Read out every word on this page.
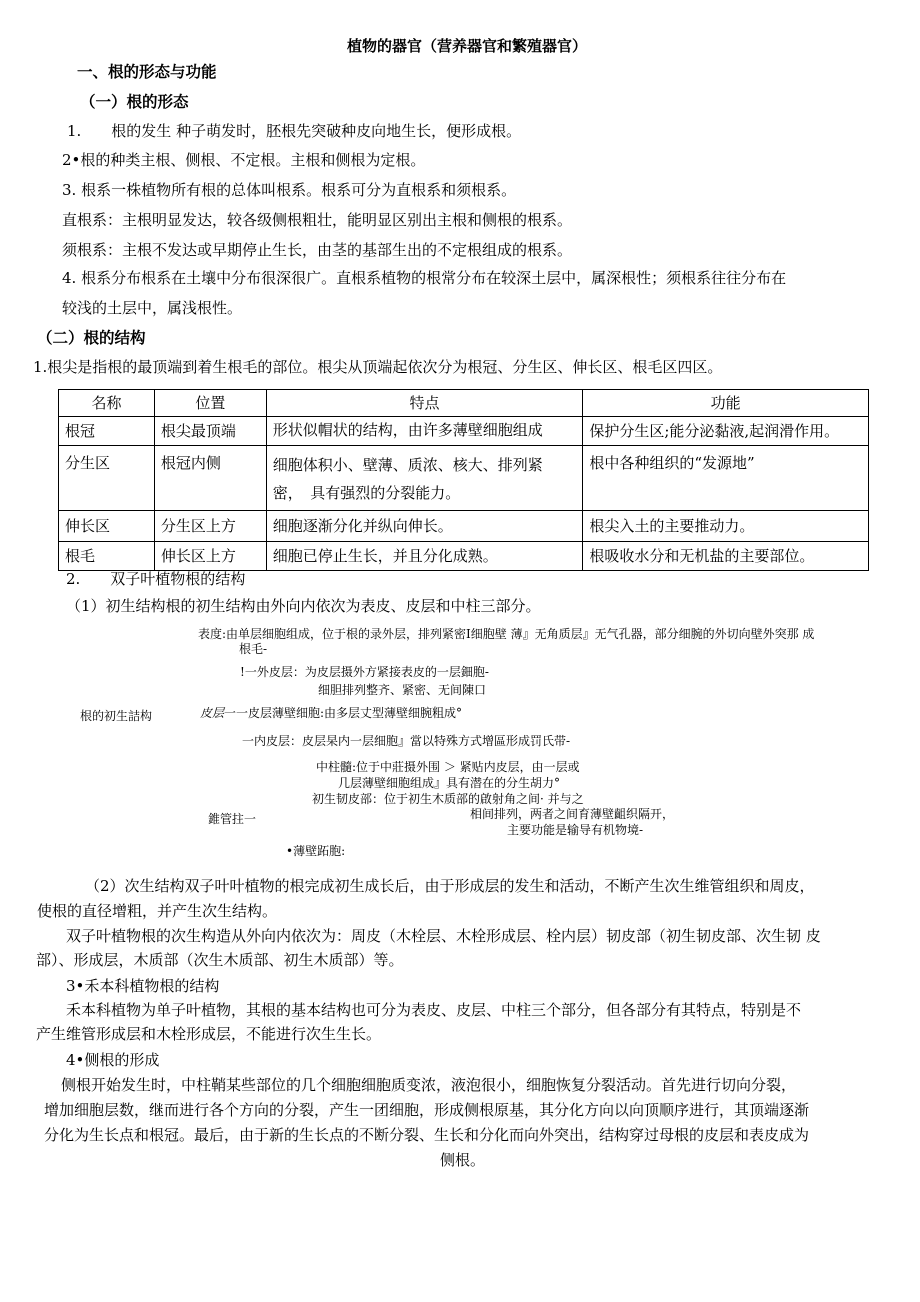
植物的器官（营养器官和繁殖器官）
一、根的形态与功能
（一）根的形态
1.　　根的发生 种子萌发时，胚根先突破种皮向地生长，便形成根。
2•根的种类主根、侧根、不定根。主根和侧根为定根。
3. 根系一株植物所有根的总体叫根系。根系可分为直根系和须根系。
直根系：主根明显发达，较各级侧根粗壮，能明显区别出主根和侧根的根系。
须根系：主根不发达或早期停止生长，由茎的基部生出的不定根组成的根系。
4. 根系分布根系在土壤中分布很深很广。直根系植物的根常分布在较深土层中，属深根性；须根系往往分布在
较浅的土层中，属浅根性。
（二）根的结构
1.根尖是指根的最顶端到着生根毛的部位。根尖从顶端起依次分为根冠、分生区、伸长区、根毛区四区。
名称	位置	特点	功能
根冠	根尖最顶端	形状似帽状的结构，由许多薄壁细胞组成	保护分生区;能分泌黏液,起润滑作用。
分生区	根冠内侧	细胞体积小、壁薄、质浓、核大、排列紧
密，　具有强烈的分裂能力。	根中各种组织的“发源地”
伸长区	分生区上方	细胞逐渐分化并纵向伸长。	根尖入土的主要推动力。
根毛	伸长区上方	细胞已停止生长，并且分化成熟。	根吸收水分和无机盐的主要部位。
2.　　双子叶植物根的结构
（1）初生结构根的初生结构由外向内依次为表皮、皮层和中柱三部分。
表度:由单层细胞组成，位于根的录外层，排列紧密I细胞壁 薄』无角质层』无气孔器，部分细腕的外切向壁外突那 成
根毛-
!一外皮层：为皮层摄外方紧接表皮的一层鈿胞-
细胆排列整齐、紧密、无间陳口
根的初生詰构	皮层一一皮层薄壁细胞:由多层丈型薄壁细腕粗成°
一内皮层：皮层杲内一层细胞』當以特殊方式增區形成罚氏带-
中柱髓:位于中莊摄外围 ＞ 紧贴内皮层，由一层或
几层薄壁细胞组成』具有潜在的分生胡力°
初生韧皮部：位于初生木质部的啟射角之间· 并与之
錐管拄一	相间排列，两者之间育薄壁齟织隔开，
主要功能是输导有机物境-
•薄壁跖胞:
（2）次生结构双子叶叶植物的根完成初生成长后，由于形成层的发生和活动，不断产生次生维管组织和周皮，
使根的直径增粗，并产生次生结构。
双子叶植物根的次生构造从外向内依次为：周皮（木栓层、木栓形成层、栓内层）韧皮部（初生韧皮部、次生韧 皮
部）、形成层，木质部（次生木质部、初生木质部）等。
3•禾本科植物根的结构
禾本科植物为单子叶植物，其根的基本结构也可分为表皮、皮层、中柱三个部分，但各部分有其特点，特别是不
产生维管形成层和木栓形成层，不能进行次生生长。
4•侧根的形成
侧根开始发生时，中柱鞘某些部位的几个细胞细胞质变浓，液泡很小，细胞恢复分裂活动。首先进行切向分裂，
增加细胞层数，继而进行各个方向的分裂，产生一团细胞，形成侧根原基，其分化方向以向顶顺序进行，其顶端逐渐
分化为生长点和根冠。最后，由于新的生长点的不断分裂、生长和分化而向外突出，结构穿过母根的皮层和表皮成为
侧根。
